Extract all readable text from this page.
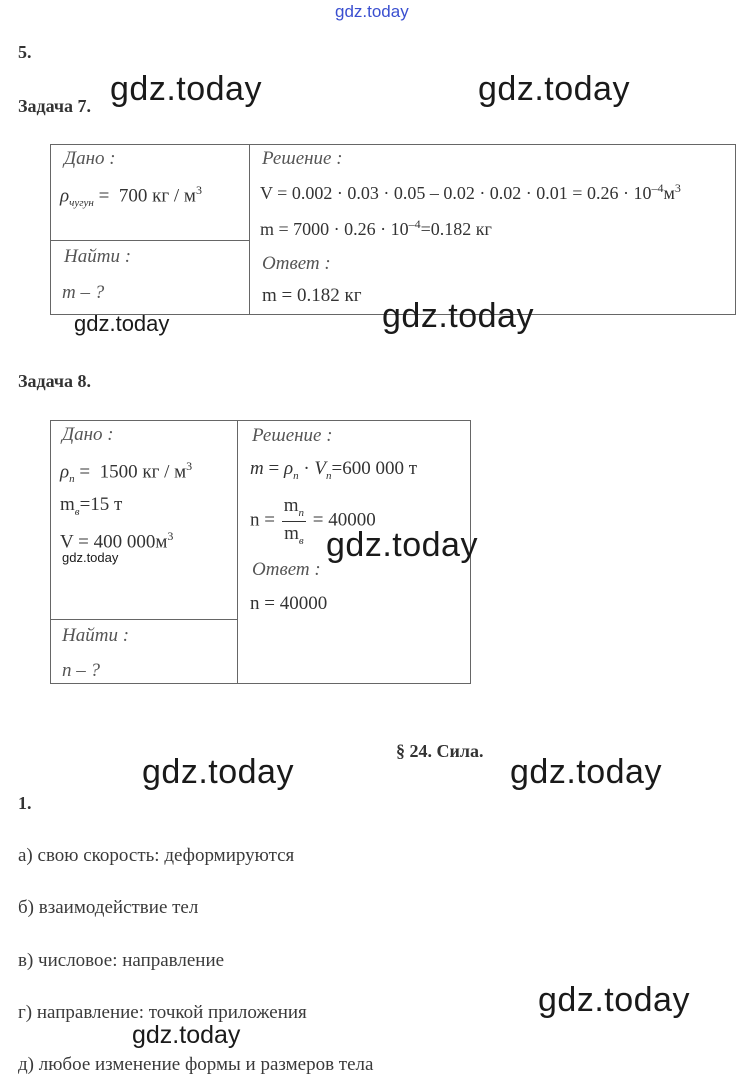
gdz.today
5.
Задача 7. gdz.today	gdz.today
Дано :
$\rho_{чугун} = 700$ кг / $м^3$
Найти :
m – ?
Решение :
$V = 0.002 \cdot 0.03 \cdot 0.05 - 0.02 \cdot 0.02 \cdot 0.01 = 0.26 \cdot 10^{-4}м^3$
$m = 7000 \cdot 0.26 \cdot 10^{-4}=0.182$ кг
Ответ :
m = 0.182 кг
gdz.today	gdz.today
Задача 8.
Дано :
$\rho_n = 1500$ кг / $м^3$
$m_в=15$ т
V = 400 $000м^3$
gdz.today
Найти :
n – ?
Решение :
$m = \rho_n \cdot V_n=600$ 000 т
$n = \frac{m_n}{m_в} = 40000$
Ответ :
n = 40000
gdz.today
§ 24. Сила.
gdz.today	gdz.today
1.
а) свою скорость: деформируются
б) взаимодействие тел
в) числовое: направление
г) направление: точкой приложения
д) любое изменение формы и размеров тела
gdz.today
gdz.today
